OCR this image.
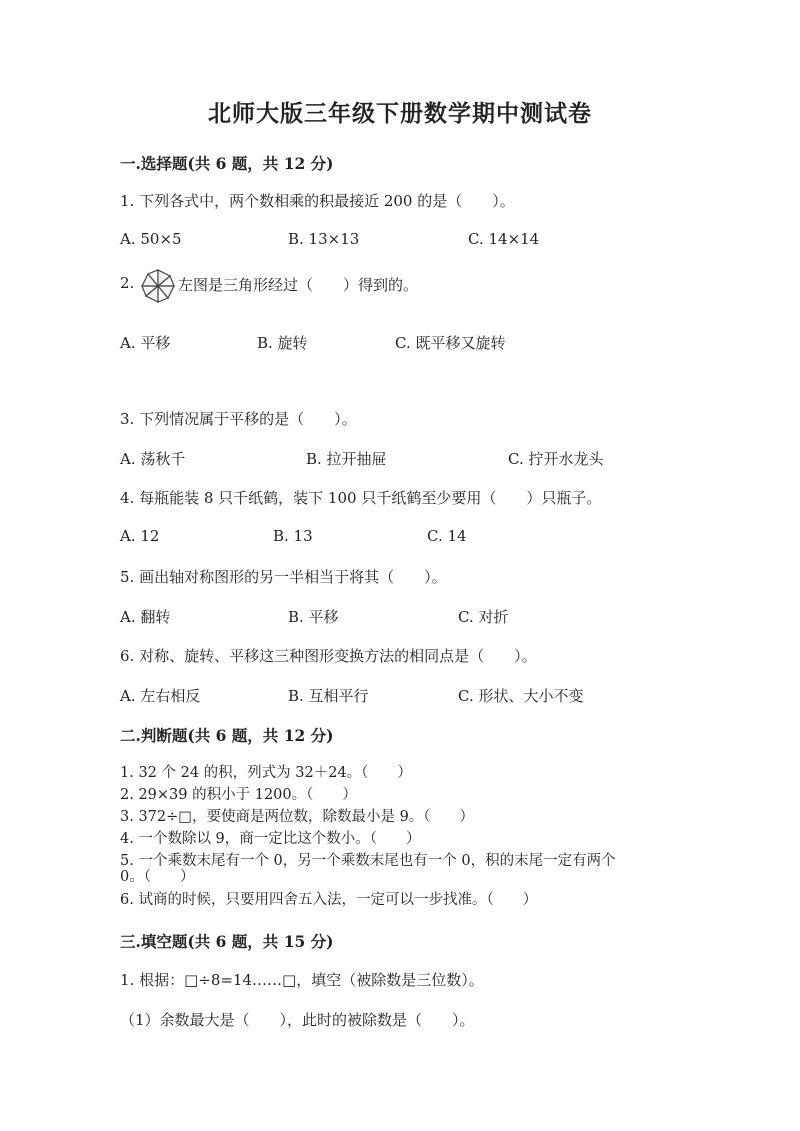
北师大版三年级下册数学期中测试卷
一.选择题(共 6 题，共 12 分)
1. 下列各式中，两个数相乘的积最接近 200 的是（　　）。
A. 50×5	B. 13×13	C. 14×14
2.	左图是三角形经过（　　）得到的。
A. 平移	B. 旋转	C. 既平移又旋转
3. 下列情况属于平移的是（　　）。
A. 荡秋千	B. 拉开抽屉	C. 拧开水龙头
4. 每瓶能装 8 只千纸鹤，装下 100 只千纸鹤至少要用（　　）只瓶子。
A. 12	B. 13	C. 14
5. 画出轴对称图形的另一半相当于将其（　　）。
A. 翻转	B. 平移	C. 对折
6. 对称、旋转、平移这三种图形变换方法的相同点是（　　）。
A. 左右相反	B. 互相平行	C. 形状、大小不变
二.判断题(共 6 题，共 12 分)
1. 32 个 24 的积，列式为 32＋24。（　　）
2. 29×39 的积小于 1200。（　　）
3. 372÷□，要使商是两位数，除数最小是 9。（　　）
4. 一个数除以 9，商一定比这个数小。（　　）
5. 一个乘数末尾有一个 0，另一个乘数末尾也有一个 0，积的末尾一定有两个
0。（　　）
6. 试商的时候，只要用四舍五入法，一定可以一步找准。（　　）
三.填空题(共 6 题，共 15 分)
1. 根据：□÷8=14……□，填空（被除数是三位数）。
（1）余数最大是（　　），此时的被除数是（　　）。
